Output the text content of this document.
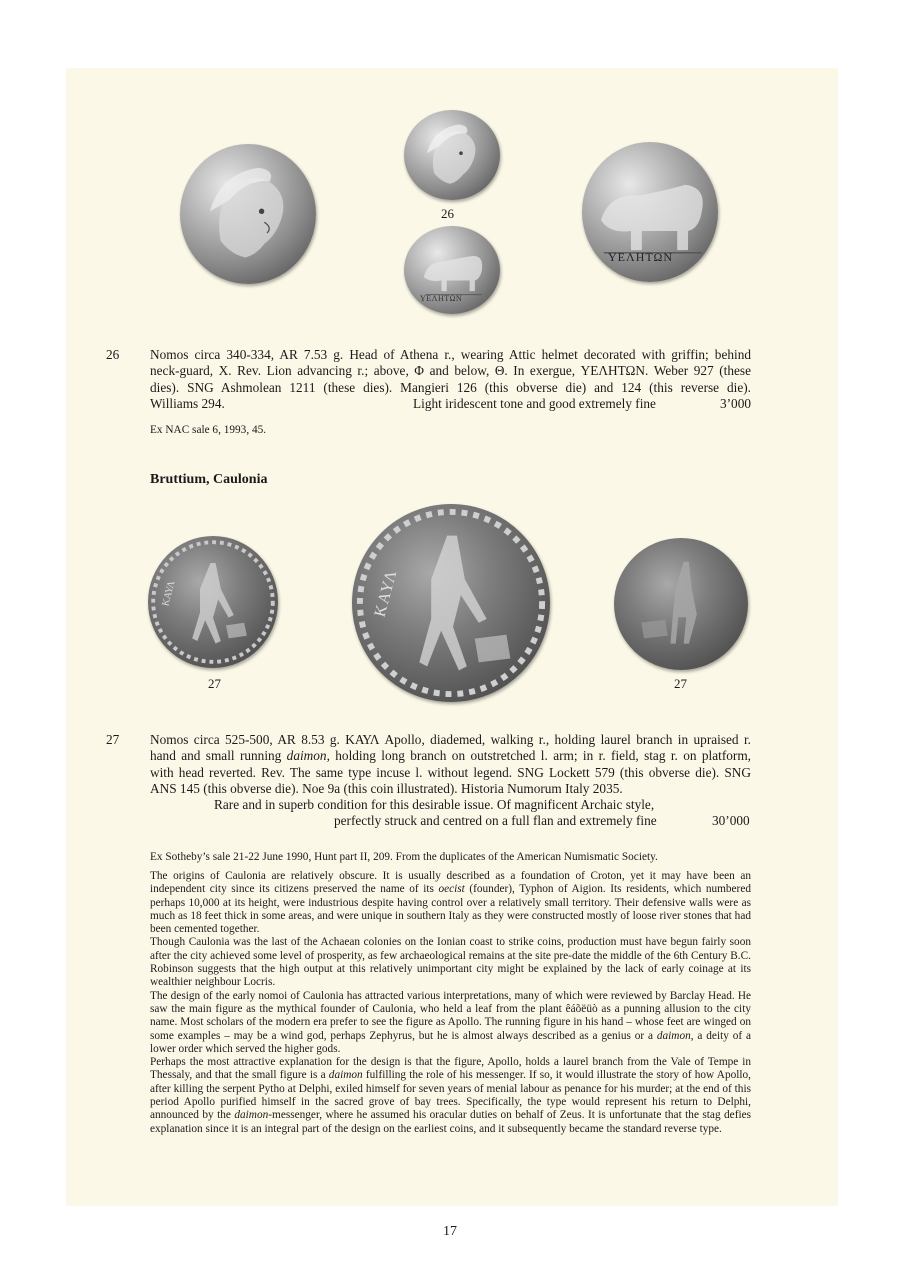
26
ΥΕΛΗΤΩΝ
ΥΕΛΗΤΩΝ
26 Nomos circa 340-334, AR 7.53 g. Head of Athena r., wearing Attic helmet decorated with griffin; behind
neck-guard, X. Rev. Lion advancing r.; above, Φ and below, Θ. In exergue, ΥΕΛΗΤΩΝ. Weber 927 (these
dies). SNG Ashmolean 1211 (these dies). Mangieri 126 (this obverse die) and 124 (this reverse die).
Williams 294.	Light iridescent tone and good extremely fine	3’000
Ex NAC sale 6, 1993, 45.
Bruttium, Caulonia
ΚΑΥΛ
27
ΚΑΥΛ
27
27 Nomos circa 525-500, AR 8.53 g. ΚΑΥΛ Apollo, diademed, walking r., holding laurel branch in upraised r.
hand and small running daimon, holding long branch on outstretched l. arm; in r. field, stag r. on platform,
with head reverted. Rev. The same type incuse l. without legend. SNG Lockett 579 (this obverse die). SNG
ANS 145 (this obverse die). Noe 9a (this coin illustrated). Historia Numorum Italy 2035.
Rare and in superb condition for this desirable issue. Of magnificent Archaic style,
perfectly struck and centred on a full flan and extremely fine	30’000
Ex Sotheby’s sale 21-22 June 1990, Hunt part II, 209. From the duplicates of the American Numismatic Society.

The origins of Caulonia are relatively obscure. It is usually described as a foundation of Croton, yet it may have been an independent city since its citizens preserved the name of its oecist (founder), Typhon of Aigion. Its residents, which numbered perhaps 10,000 at its height, were industrious despite having control over a relatively small territory. Their defensive walls were as much as 18 feet thick in some areas, and were unique in southern Italy as they were constructed mostly of loose river stones that had been cemented together.

Though Caulonia was the last of the Achaean colonies on the Ionian coast to strike coins, production must have begun fairly soon after the city achieved some level of prosperity, as few archaeological remains at the site pre-date the middle of the 6th Century B.C. Robinson suggests that the high output at this relatively unimportant city might be explained by the lack of early coinage at its wealthier neighbour Locris.

The design of the early nomoi of Caulonia has attracted various interpretations, many of which were reviewed by Barclay Head. He saw the main figure as the mythical founder of Caulonia, who held a leaf from the plant êáõëüò as a punning allusion to the city name. Most scholars of the modern era prefer to see the figure as Apollo. The running figure in his hand – whose feet are winged on some examples – may be a wind god, perhaps Zephyrus, but he is almost always described as a genius or a daimon, a deity of a lower order which served the higher gods.

Perhaps the most attractive explanation for the design is that the figure, Apollo, holds a laurel branch from the Vale of Tempe in Thessaly, and that the small figure is a daimon fulfilling the role of his messenger. If so, it would illustrate the story of how Apollo, after killing the serpent Pytho at Delphi, exiled himself for seven years of menial labour as penance for his murder; at the end of this period Apollo purified himself in the sacred grove of bay trees. Specifically, the type would represent his return to Delphi, announced by the daimon-messenger, where he assumed his oracular duties on behalf of Zeus. It is unfortunate that the stag defies explanation since it is an integral part of the design on the earliest coins, and it subsequently became the standard reverse type.

17
